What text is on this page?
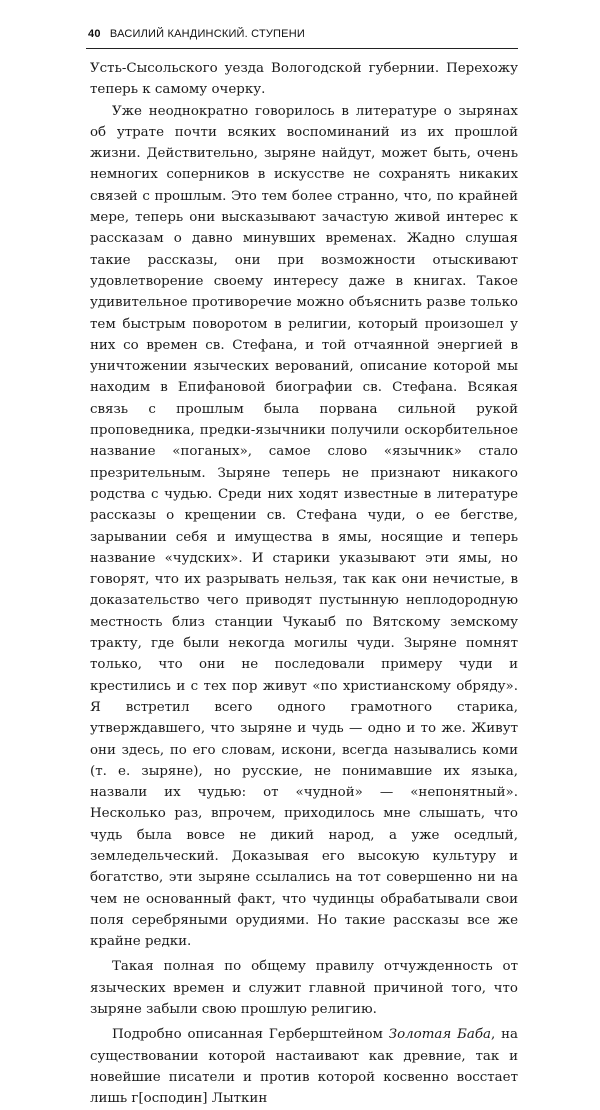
40 ВАСИЛИЙ КАНДИНСКИЙ. СТУПЕНИ

Усть-Сысольского уезда Вологодской губернии. Перехожу теперь к самому очерку.

Уже неоднократно говорилось в литературе о зырянах об утрате почти всяких воспоминаний из их прошлой жизни. Действительно, зыряне найдут, может быть, очень немногих соперников в искусстве не сохранять никаких связей с прошлым. Это тем более странно, что, по крайней мере, теперь они высказывают зачастую живой интерес к рассказам о давно минувших временах. Жадно слушая такие рассказы, они при возможности отыскивают удовлетворение своему интересу даже в книгах. Такое удивительное противоречие можно объяснить разве только тем быстрым поворотом в религии, который произошел у них со времен св. Стефана, и той отчаянной энергией в уничтожении языческих верований, описание которой мы находим в Епифановой биографии св. Стефана. Всякая связь с прошлым была порвана сильной рукой проповедника, предки-язычники получили оскорбительное название «поганых», самое слово «язычник» стало презрительным. Зыряне теперь не признают никакого родства с чудью. Среди них ходят известные в литературе рассказы о крещении св. Стефана чуди, о ее бегстве, зарывании себя и имущества в ямы, носящие и теперь название «чудских». И старики указывают эти ямы, но говорят, что их разрывать нельзя, так как они нечистые, в доказательство чего приводят пустынную неплодородную местность близ станции Чукаыб по Вятскому земскому тракту, где были некогда могилы чуди. Зыряне помнят только, что они не последовали примеру чуди и крестились и с тех пор живут «по христианскому обряду». Я встретил всего одного грамотного старика, утверждавшего, что зыряне и чудь — одно и то же. Живут они здесь, по его словам, искони, всегда назывались коми (т. е. зыряне), но русские, не понимавшие их языка, назвали их чудью: от «чудной» — «непонятный». Несколько раз, впрочем, приходилось мне слышать, что чудь была вовсе не дикий народ, а уже оседлый, земледельческий. Доказывая его высокую культуру и богатство, эти зыряне ссылались на тот совершенно ни на чем не основанный факт, что чудинцы обрабатывали свои поля серебряными орудиями. Но такие рассказы все же крайне редки.

Такая полная по общему правилу отчужденность от языческих времен и служит главной причиной того, что зыряне забыли свою прошлую религию.

Подробно описанная Герберштейном Золотая Баба, на существовании которой настаивают как древние, так и новейшие писатели и против которой косвенно восстает лишь г[осподин] Лыткин
